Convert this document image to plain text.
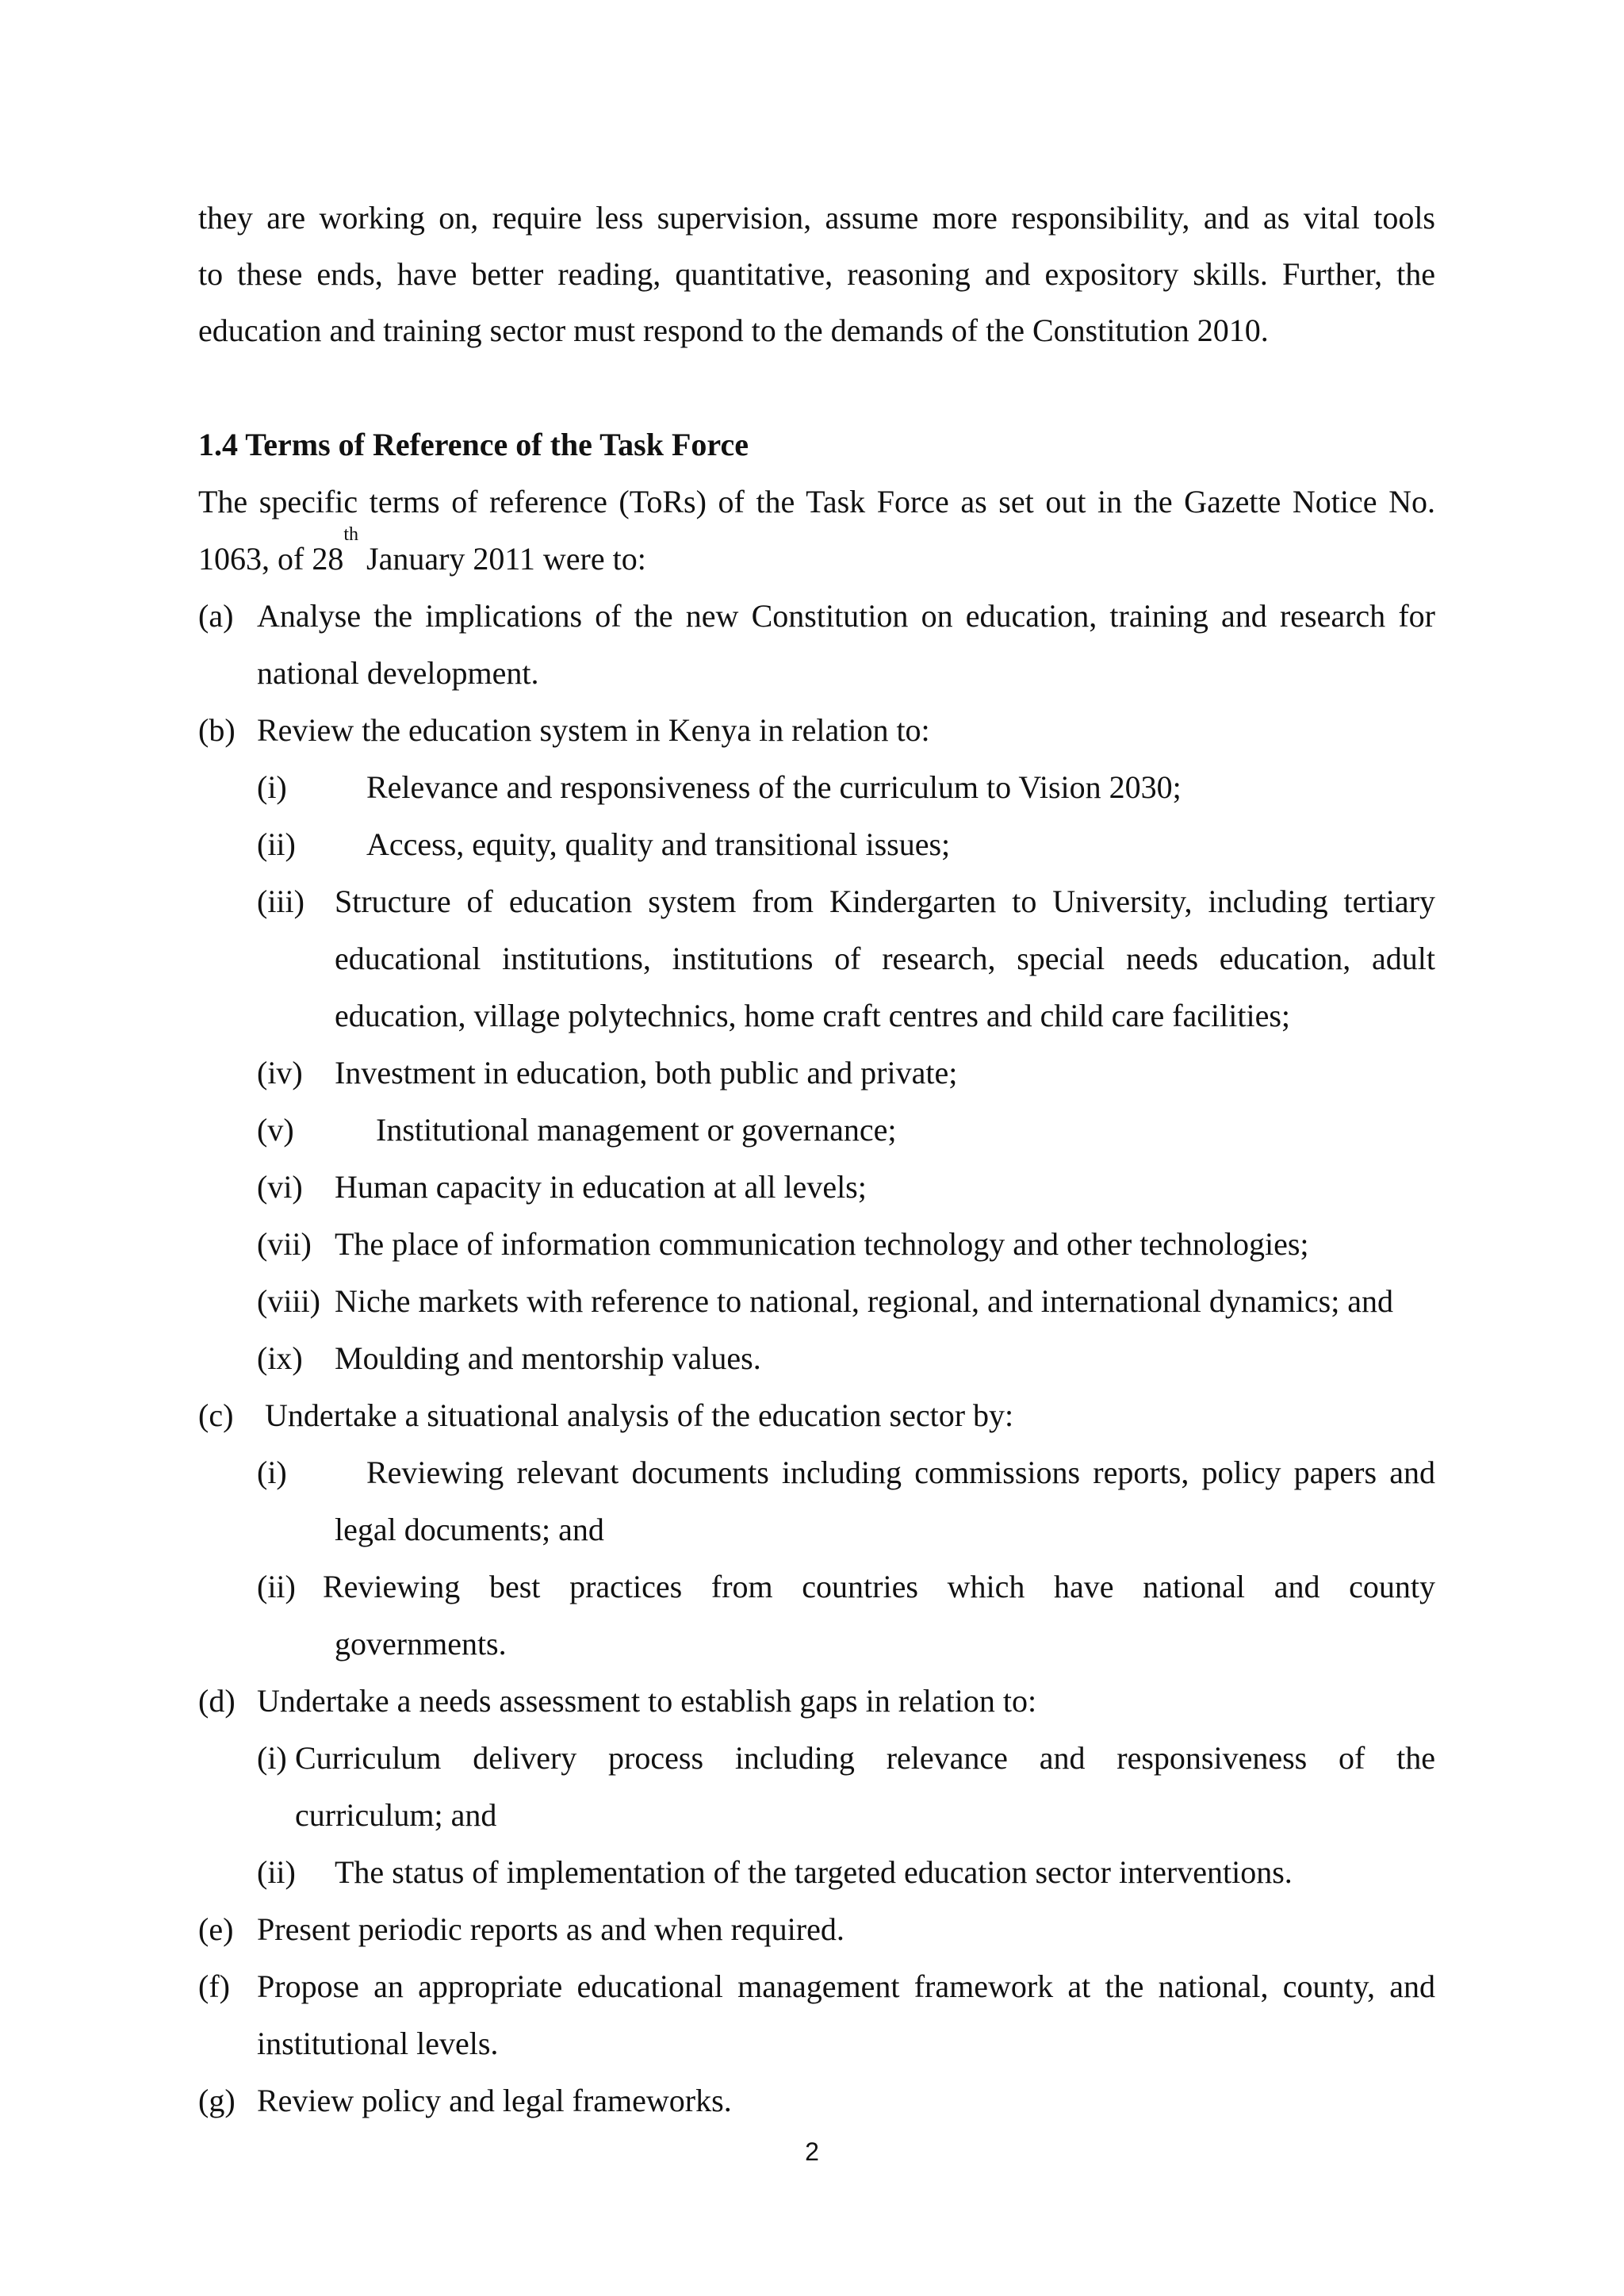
they are working on, require less supervision, assume more responsibility, and as vital tools
to these ends, have better reading, quantitative, reasoning and expository skills. Further, the
education and training sector must respond to the demands of the Constitution 2010.
1.4 Terms of Reference of the Task Force
The specific terms of reference (ToRs) of the Task Force as set out in the Gazette Notice No.
1063, of 28th January 2011 were to:
(a) Analyse the implications of the new Constitution on education, training and research for
national development.
(b) Review the education system in Kenya in relation to:
(i)	Relevance and responsiveness of the curriculum to Vision 2030;
(ii) Access, equity, quality and transitional issues;
(iii) Structure of education system from Kindergarten to University, including tertiary
educational institutions, institutions of research, special needs education, adult
education, village polytechnics, home craft centres and child care facilities;
(iv) Investment in education, both public and private;
(v)	Institutional management or governance;
(vi) Human capacity in education at all levels;
(vii) The place of information communication technology and other technologies;
(viii) Niche markets with reference to national, regional, and international dynamics; and
(ix) Moulding and mentorship values.
(c) Undertake a situational analysis of the education sector by:
(i)	Reviewing relevant documents including commissions reports, policy papers and
legal documents; and
(ii) Reviewing best practices from countries which have national and county
governments.
(d) Undertake a needs assessment to establish gaps in relation to:
(i) Curriculum delivery process including relevance and responsiveness of the
curriculum; and
(ii) The status of implementation of the targeted education sector interventions.
(e) Present periodic reports as and when required.
(f) Propose an appropriate educational management framework at the national, county, and
institutional levels.
(g) Review policy and legal frameworks.
2
